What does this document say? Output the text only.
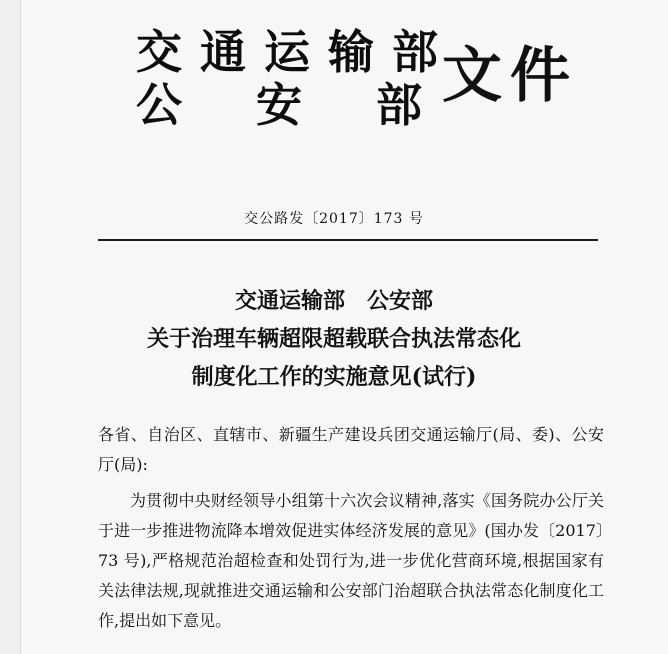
交通运输部
公安部
文件
交公路发〔2017〕173 号
交通运输部　公安部
关于治理车辆超限超载联合执法常态化
制度化工作的实施意见(试行)

各省、自治区、直辖市、新疆生产建设兵团交通运输厅(局、委)、公安厅(局):

为贯彻中央财经领导小组第十六次会议精神,落实《国务院办公厅关于进一步推进物流降本增效促进实体经济发展的意见》(国办发〔2017〕73 号),严格规范治超检查和处罚行为,进一步优化营商环境,根据国家有关法律法规,现就推进交通运输和公安部门治超联合执法常态化制度化工作,提出如下意见。
